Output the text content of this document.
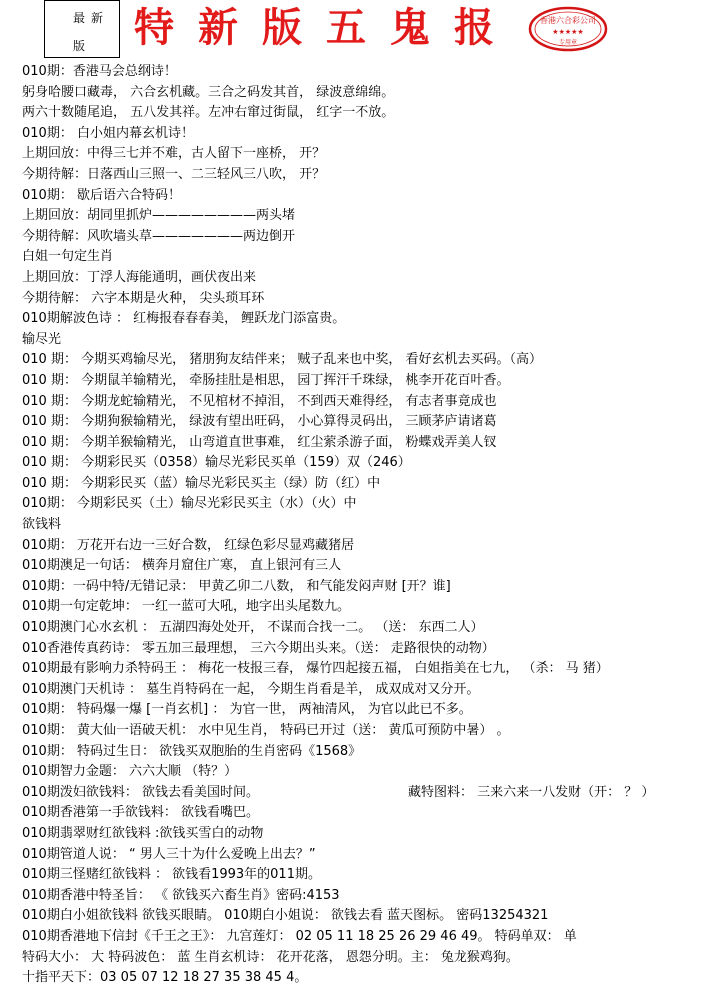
最新
版 特新版五鬼报	香港六合彩公司
★★★★★
专用章
010期：香港马会总纲诗！
躬身哈腰口藏毒， 六合玄机藏。三合之码发其首， 绿波意绵绵。
两六十数随尾追， 五八发其祥。左冲右窜过街鼠， 红字一不放。
010期： 白小姐内幕玄机诗！
上期回放：中得三七并不难，古人留下一座桥， 开？
今期待解：日落西山三照一、二三轻风三八吹， 开？
010期： 歇后语六合特码！
上期回放：胡同里抓炉————————两头堵
今期待解：风吹墙头草———————两边倒开
白姐一句定生肖
上期回放：丁浮人海能通明，画伏夜出来
今期待解： 六字本期是火种， 尖头琐耳环
010期解波色诗 ： 红梅报春春春美， 鲤跃龙门添富贵。
输尽光
010 期： 今期买鸡输尽光， 猪朋狗友结伴来； 贼子乱来也中奖， 看好玄机去买码。（高）
010 期： 今期鼠羊输精光， 牵肠挂肚是相思， 园丁挥汗千珠绿， 桃李开花百叶香。
010 期： 今期龙蛇输精光， 不见棺材不掉泪， 不到西天难得经， 有志者事竟成也
010 期： 今期狗猴输精光， 绿波有望出旺码， 小心算得灵码出， 三顾茅庐请诸葛
010 期： 今期羊猴输精光， 山弯道直世事难， 红尘萦杀游子面， 粉蝶戏弄美人钗
010 期： 今期彩民买（0358）输尽光彩民买单（159）双（246）
010 期： 今期彩民买（蓝）输尽光彩民买主（绿）防（红）中
010期： 今期彩民买（土）输尽光彩民买主（水）（火）中
欲钱料
010期： 万花开右边一三好合数， 红绿色彩尽显鸡藏猪居
010期澳足一句话： 横奔月窟住广寒， 直上银河有三人
010期：一码中特/无错记录： 甲黄乙卯二八数， 和气能发闷声财 [开？谁]
010期一句定乾坤： 一红一蓝可大吼，地字出头尾数九。
010期澳门心水玄机 ： 五湖四海处处开， 不谋而合找一二。 （送： 东西二人）
010香港传真药诗： 零五加三最理想， 三六今期出头来。（送： 走路很快的动物）
010期最有影响力杀特码王 ： 梅花一枝报三春， 爆竹四起接五福， 白姐指美在七九， （杀： 马 猪）
010期澳门天机诗 ： 墓生肖特码在一起， 今期生肖看是羊， 成双成对又分开。
010期： 特码爆一爆 [一肖玄机] ： 为官一世， 两袖清风， 为官以此已不多。
010期： 黄大仙一语破天机： 水中见生肖， 特码已开过（送： 黄瓜可预防中暑） 。
010期： 特码过生日： 欲钱买双胞胎的生肖密码《1568》
010期智力金题： 六六大顺 （特？）
010期泼妇欲钱料： 欲钱去看美国时间。	藏特图料： 三来六来一八发财（开： ？ ）
010期香港第一手欲钱料： 欲钱看嘴巴。
010期翡翠财红欲钱料 :欲钱买雪白的动物
010期管道人说： “ 男人三十为什么爱晚上出去？”
010期三怪赌红欲钱料 ： 欲钱看1993年的011期。
010期香港中特圣旨： 《 欲钱买六畜生肖》密码:4153
010期白小姐欲钱料 欲钱买眼睛。 010期白小姐说： 欲钱去看 蓝天图标。 密码13254321
010期香港地下信封《千王之王》： 九宫莲灯： 02 05 11 18 25 26 29 46 49。 特码单双： 单
特码大小： 大 特码波色： 蓝 生肖玄机诗： 花开花落， 恩怨分明。主： 兔龙猴鸡狗。
十指平天下：03 05 07 12 18 27 35 38 45 4。
